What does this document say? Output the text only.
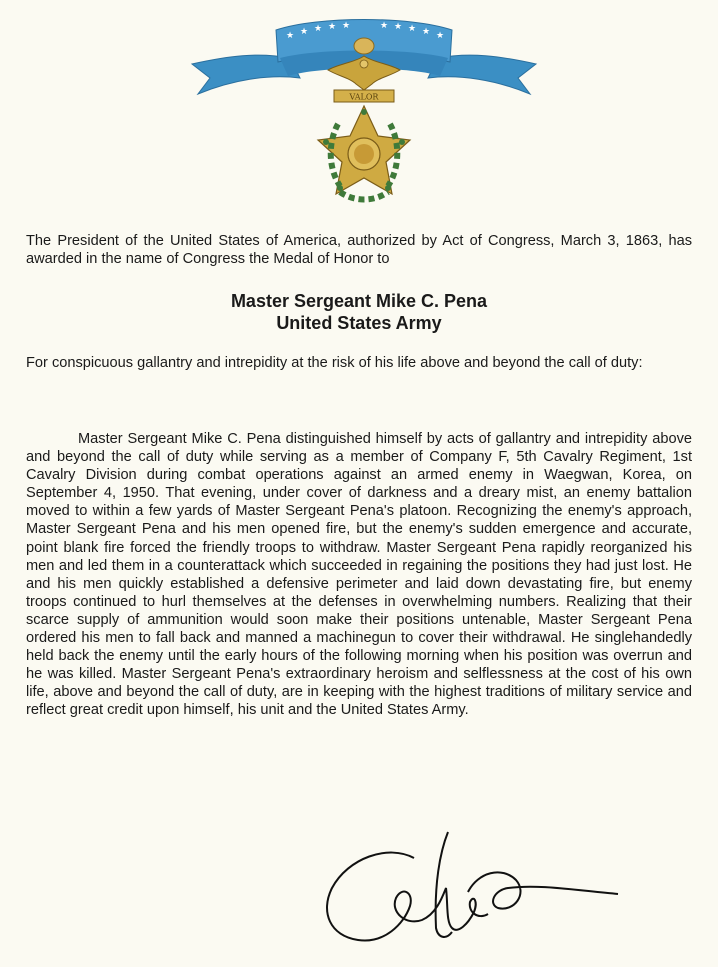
★ ★ ★ ★ ★	★ ★ ★ ★ ★
VALOR
The President of the United States of America, authorized by Act of Congress, March 3, 1863, has awarded in the name of Congress the Medal of Honor to
Master Sergeant Mike C. Pena
United States Army
For conspicuous gallantry and intrepidity at the risk of his life above and beyond the call of duty:
Master Sergeant Mike C. Pena distinguished himself by acts of gallantry and intrepidity above and beyond the call of duty while serving as a member of Company F, 5th Cavalry Regiment, 1st Cavalry Division during combat operations against an armed enemy in Waegwan, Korea, on September 4, 1950. That evening, under cover of darkness and a dreary mist, an enemy battalion moved to within a few yards of Master Sergeant Pena's platoon. Recognizing the enemy's approach, Master Sergeant Pena and his men opened fire, but the enemy's sudden emergence and accurate, point blank fire forced the friendly troops to withdraw. Master Sergeant Pena rapidly reorganized his men and led them in a counterattack which succeeded in regaining the positions they had just lost. He and his men quickly established a defensive perimeter and laid down devastating fire, but enemy troops continued to hurl themselves at the defenses in overwhelming numbers. Realizing that their scarce supply of ammunition would soon make their positions untenable, Master Sergeant Pena ordered his men to fall back and manned a machinegun to cover their withdrawal. He singlehandedly held back the enemy until the early hours of the following morning when his position was overrun and he was killed. Master Sergeant Pena's extraordinary heroism and selflessness at the cost of his own life, above and beyond the call of duty, are in keeping with the highest traditions of military service and reflect great credit upon himself, his unit and the United States Army.
